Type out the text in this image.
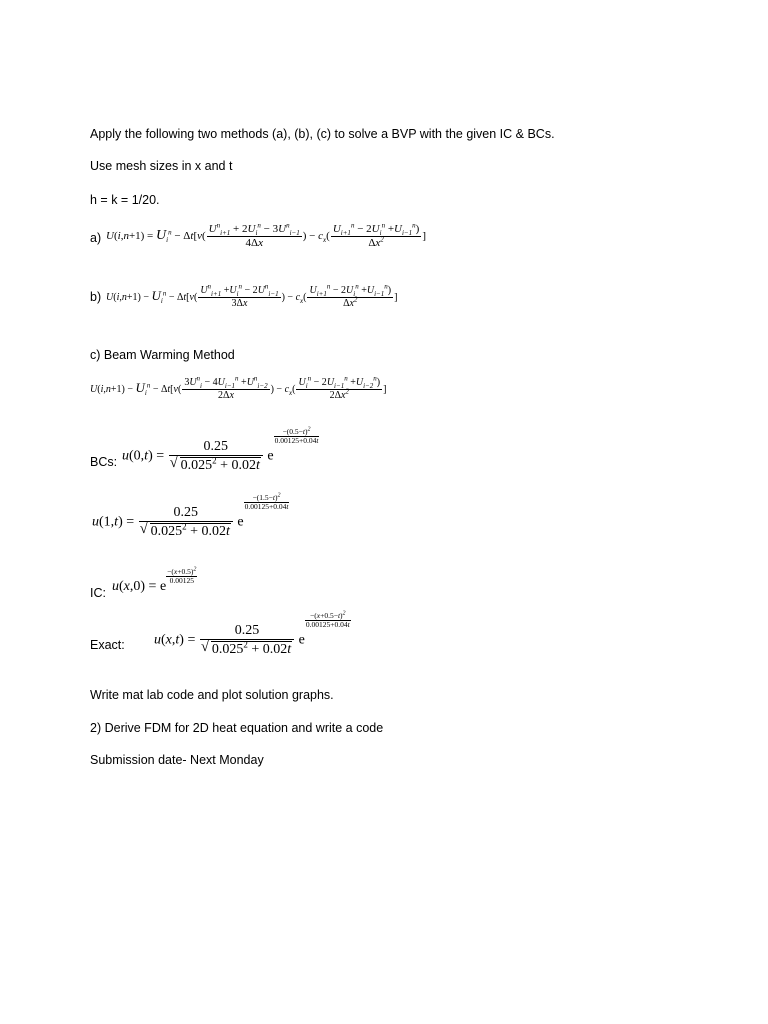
Apply the following two methods (a), (b), (c) to solve a BVP with the given IC & BCs.
Use mesh sizes in x and t
h = k = 1/20.
a) $U(i,n+1) = U_i^n - \Delta t[v( \frac{U^n_{i+1} + 2U_i^n - 3U^n_{i-1}}{4\Delta x}$ ) − $c_x( \frac{U_{i+1}^n - 2U_i^n +U_{i-1}^n)}{\Delta x^2}$ ]
b) $U(i,n+1) - U_i^n - \Delta t[v( \frac{U^n_{i+1} +U_i^n - 2U^n_{i-1}}{3\Delta x}$ ) − $c_x( \frac{U_{i+1}^n - 2U_i^n +U_{i-1}^n)}{\Delta x^2}$ ]
c) Beam Warming Method
$U(i,n+1) - U_i^n - \Delta t[v( \frac{3U^n_i - 4U_{i-1}^n +U^n_{i-2}}{2\Delta x}$ ) − $c_x( \frac{U_i^n - 2U_{i-1}^n +U_{i-2}^n)}{2\Delta x^2}$ ]
BCs: u(0,t) = 0.25
√ $0.025^2 + 0.02t$ e
$\frac{-(0.5-t)^2}{0.00125+0.04t}$
u(1,t) = 0.25
√ $0.025^2 + 0.02t$ e
$\frac{-(1.5-t)^2}{0.00125+0.04t}$
IC: u(x,0) = e
$\frac{-(x+0.5)^2}{0.00125}$
Exact: u(x,t) = 0.25
√ $0.025^2 + 0.02t$ e
$\frac{-(x+0.5-t)^2}{0.00125+0.04t}$
Write mat lab code and plot solution graphs.
2) Derive FDM for 2D heat equation and write a code
Submission date- Next Monday
